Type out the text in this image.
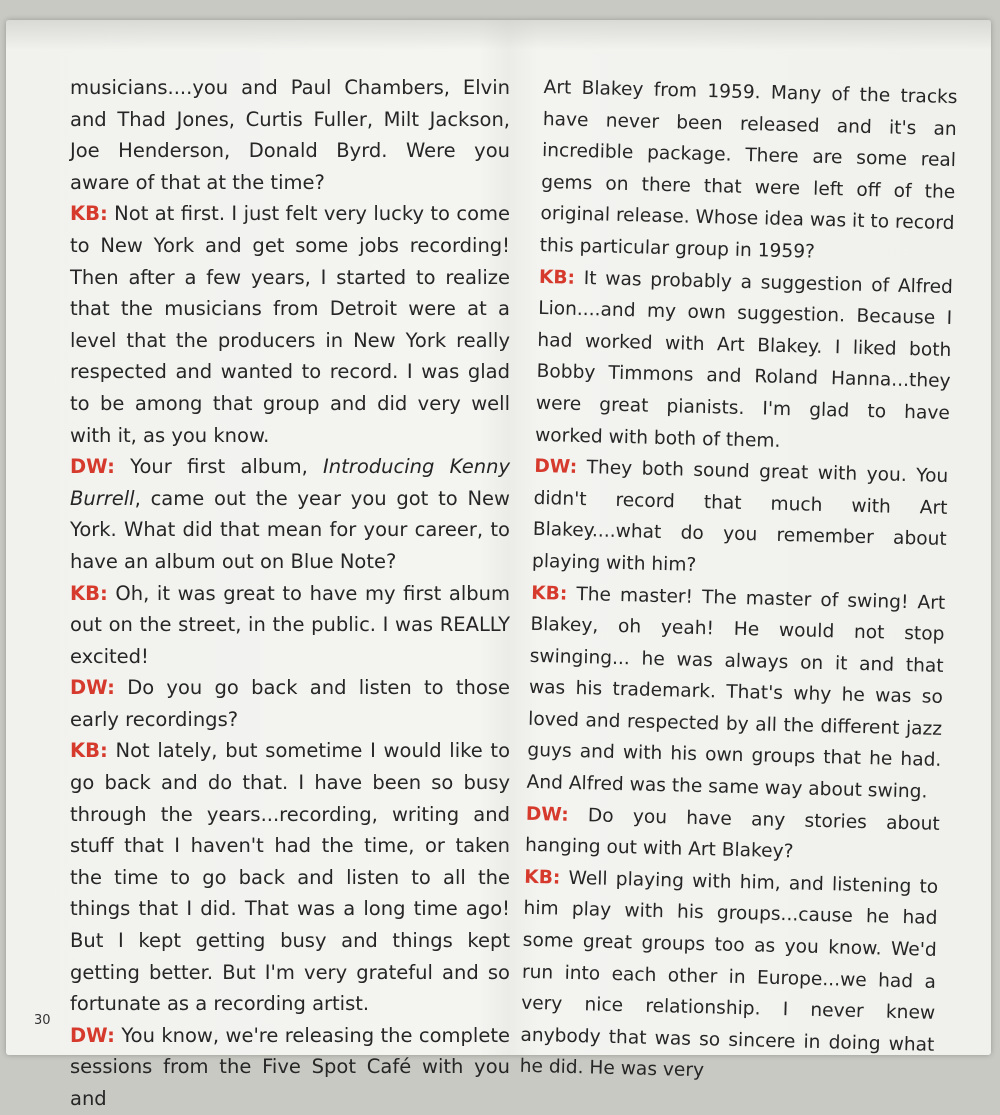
musicians....you and Paul Chambers, Elvin and Thad Jones, Curtis Fuller, Milt Jackson, Joe Henderson, Donald Byrd. Were you aware of that at the time?

KB: Not at first. I just felt very lucky to come to New York and get some jobs recording! Then after a few years, I started to realize that the musicians from Detroit were at a level that the producers in New York really respected and wanted to record. I was glad to be among that group and did very well with it, as you know.

DW: Your first album, Introducing Kenny Burrell, came out the year you got to New York. What did that mean for your career, to have an album out on Blue Note?

KB: Oh, it was great to have my first album out on the street, in the public. I was REALLY excited!

DW: Do you go back and listen to those early recordings?

KB: Not lately, but sometime I would like to go back and do that. I have been so busy through the years...recording, writing and stuff that I haven't had the time, or taken the time to go back and listen to all the things that I did. That was a long time ago! But I kept getting busy and things kept getting better. But I'm very grateful and so fortunate as a recording artist.

DW: You know, we're releasing the complete sessions from the Five Spot Café with you and

Art Blakey from 1959. Many of the tracks have never been released and it's an incredible package. There are some real gems on there that were left off of the original release. Whose idea was it to record this particular group in 1959?

KB: It was probably a suggestion of Alfred Lion....and my own suggestion. Because I had worked with Art Blakey. I liked both Bobby Timmons and Roland Hanna...they were great pianists. I'm glad to have worked with both of them.

DW: They both sound great with you. You didn't record that much with Art Blakey....what do you remember about playing with him?

KB: The master! The master of swing! Art Blakey, oh yeah! He would not stop swinging... he was always on it and that was his trademark. That's why he was so loved and respected by all the different jazz guys and with his own groups that he had. And Alfred was the same way about swing.

DW: Do you have any stories about hanging out with Art Blakey?

KB: Well playing with him, and listening to him play with his groups...cause he had some great groups too as you know. We'd run into each other in Europe...we had a very nice relationship. I never knew anybody that was so sincere in doing what he did. He was very

30
